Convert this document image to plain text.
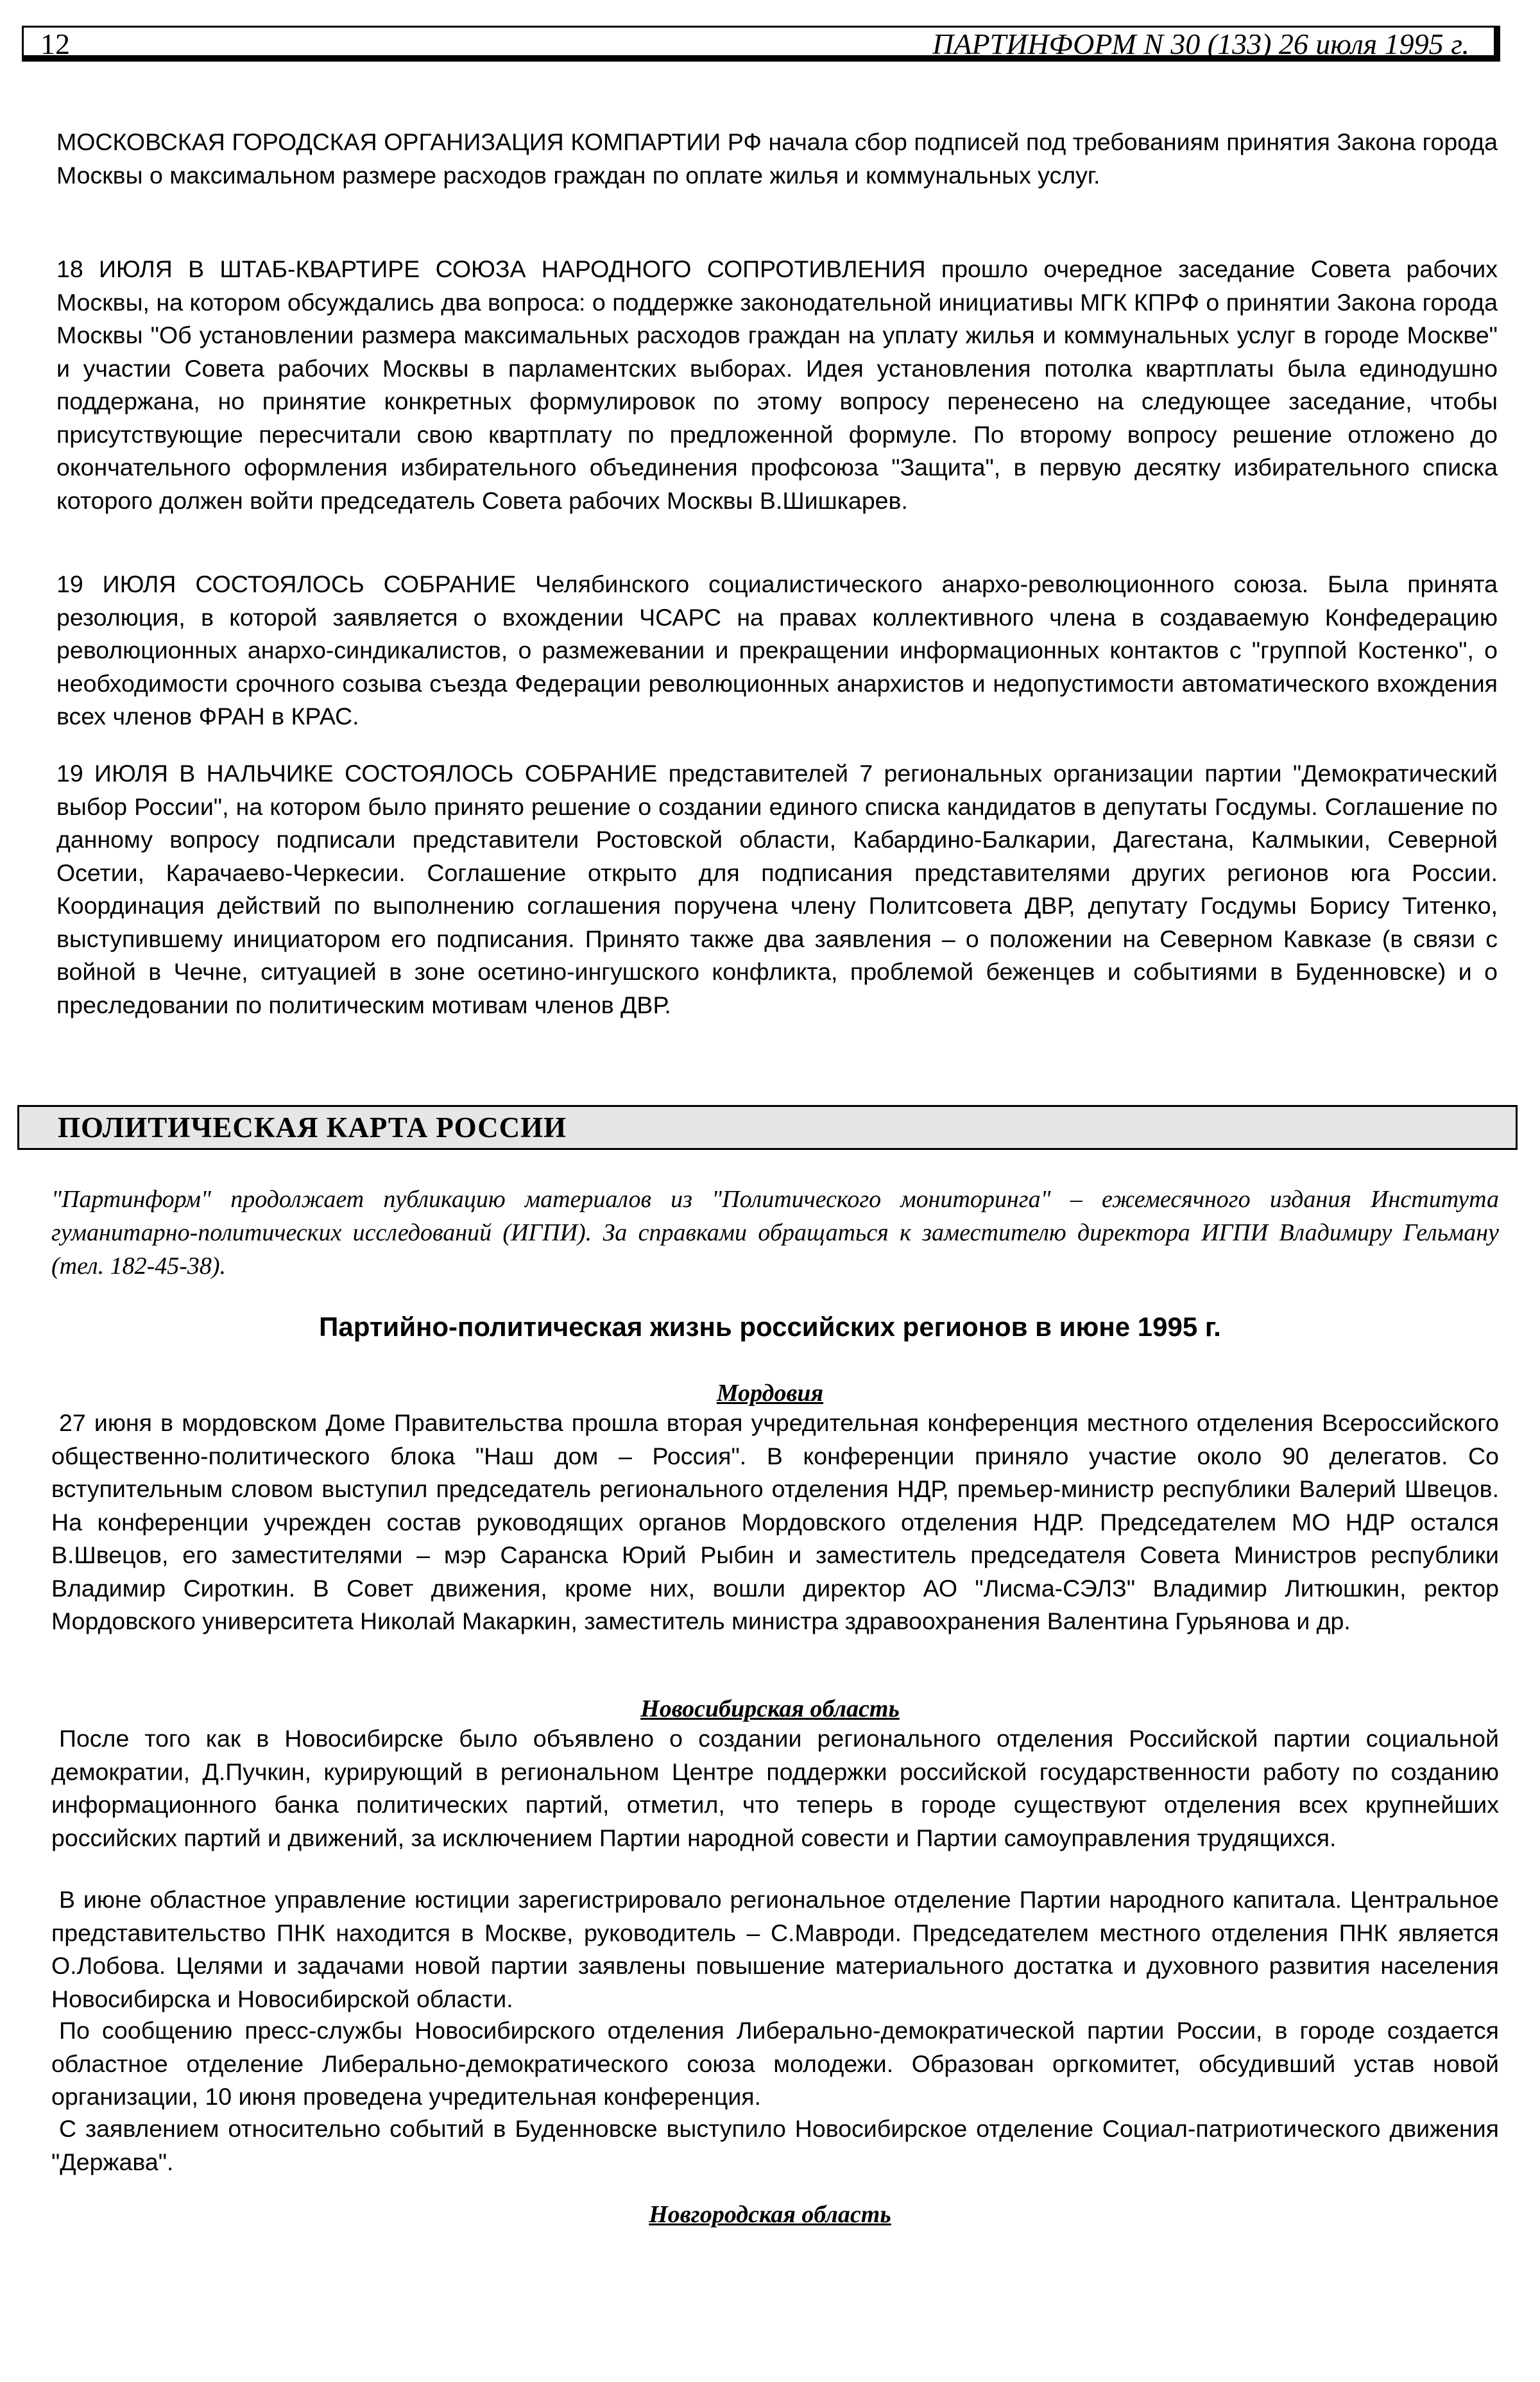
12	ПАРТИНФОРМ N 30 (133) 26 июля 1995 г.

МОСКОВСКАЯ ГОРОДСКАЯ ОРГАНИЗАЦИЯ КОМПАРТИИ РФ начала сбор подписей под требованиям принятия Закона города Москвы о максимальном размере расходов граждан по оплате жилья и коммунальных услуг.

18 ИЮЛЯ В ШТАБ-КВАРТИРЕ СОЮЗА НАРОДНОГО СОПРОТИВЛЕНИЯ прошло очередное заседание Совета рабочих Москвы, на котором обсуждались два вопроса: о поддержке законодательной инициативы МГК КПРФ о принятии Закона города Москвы "Об установлении размера максимальных расходов граждан на уплату жилья и коммунальных услуг в городе Москве" и участии Совета рабочих Москвы в парламентских выборах. Идея установления потолка квартплаты была единодушно поддержана, но принятие конкретных формулировок по этому вопросу перенесено на следующее заседание, чтобы присутствующие пересчитали свою квартплату по предложенной формуле. По второму вопросу решение отложено до окончательного оформления избирательного объединения профсоюза "Защита", в первую десятку избирательного списка которого должен войти председатель Совета рабочих Москвы В.Шишкарев.

19 ИЮЛЯ СОСТОЯЛОСЬ СОБРАНИЕ Челябинского социалистического анархо-революционного союза. Была принята резолюция, в которой заявляется о вхождении ЧСАРС на правах коллективного члена в создаваемую Конфедерацию революционных анархо-синдикалистов, о размежевании и прекращении информационных контактов с "группой Костенко", о необходимости срочного созыва съезда Федерации революционных анархистов и недопустимости автоматического вхождения всех членов ФРАН в КРАС.

19 ИЮЛЯ В НАЛЬЧИКЕ СОСТОЯЛОСЬ СОБРАНИЕ представителей 7 региональных организации партии "Демократический выбор России", на котором было принято решение о создании единого списка кандидатов в депутаты Госдумы. Соглашение по данному вопросу подписали представители Ростовской области, Кабардино-Балкарии, Дагестана, Калмыкии, Северной Осетии, Карачаево-Черкесии. Соглашение открыто для подписания представителями других регионов юга России. Координация действий по выполнению соглашения поручена члену Политсовета ДВР, депутату Госдумы Борису Титенко, выступившему инициатором его подписания. Принято также два заявления – о положении на Северном Кавказе (в связи с войной в Чечне, ситуацией в зоне осетино-ингушского конфликта, проблемой беженцев и событиями в Буденновске) и о преследовании по политическим мотивам членов ДВР.

ПОЛИТИЧЕСКАЯ КАРТА РОССИИ

"Партинформ" продолжает публикацию материалов из "Политического мониторинга" – ежемесячного издания Института гуманитарно-политических исследований (ИГПИ). За справками обращаться к заместителю директора ИГПИ Владимиру Гельману (тел. 182-45-38).

Партийно-политическая жизнь российских регионов в июне 1995 г.

Мордовия

27 июня в мордовском Доме Правительства прошла вторая учредительная конференция местного отделения Всероссийского общественно-политического блока "Наш дом – Россия". В конференции приняло участие около 90 делегатов. Со вступительным словом выступил председатель регионального отделения НДР, премьер-министр республики Валерий Швецов. На конференции учрежден состав руководящих органов Мордовского отделения НДР. Председателем МО НДР остался В.Швецов, его заместителями – мэр Саранска Юрий Рыбин и заместитель председателя Совета Министров республики Владимир Сироткин. В Совет движения, кроме них, вошли директор АО "Лисма-СЭЛЗ" Владимир Литюшкин, ректор Мордовского университета Николай Макаркин, заместитель министра здравоохранения Валентина Гурьянова и др.

Новосибирская область

После того как в Новосибирске было объявлено о создании регионального отделения Российской партии социальной демократии, Д.Пучкин, курирующий в региональном Центре поддержки российской государственности работу по созданию информационного банка политических партий, отметил, что теперь в городе существуют отделения всех крупнейших российских партий и движений, за исключением Партии народной совести и Партии самоуправления трудящихся.

В июне областное управление юстиции зарегистрировало региональное отделение Партии народного капитала. Центральное представительство ПНК находится в Москве, руководитель – С.Мавроди. Председателем местного отделения ПНК является О.Лобова. Целями и задачами новой партии заявлены повышение материального достатка и духовного развития населения Новосибирска и Новосибирской области.

По сообщению пресс-службы Новосибирского отделения Либерально-демократической партии России, в городе создается областное отделение Либерально-демократического союза молодежи. Образован оргкомитет, обсудивший устав новой организации, 10 июня проведена учредительная конференция.

С заявлением относительно событий в Буденновске выступило Новосибирское отделение Социал-патриотического движения "Держава".

Новгородская область
